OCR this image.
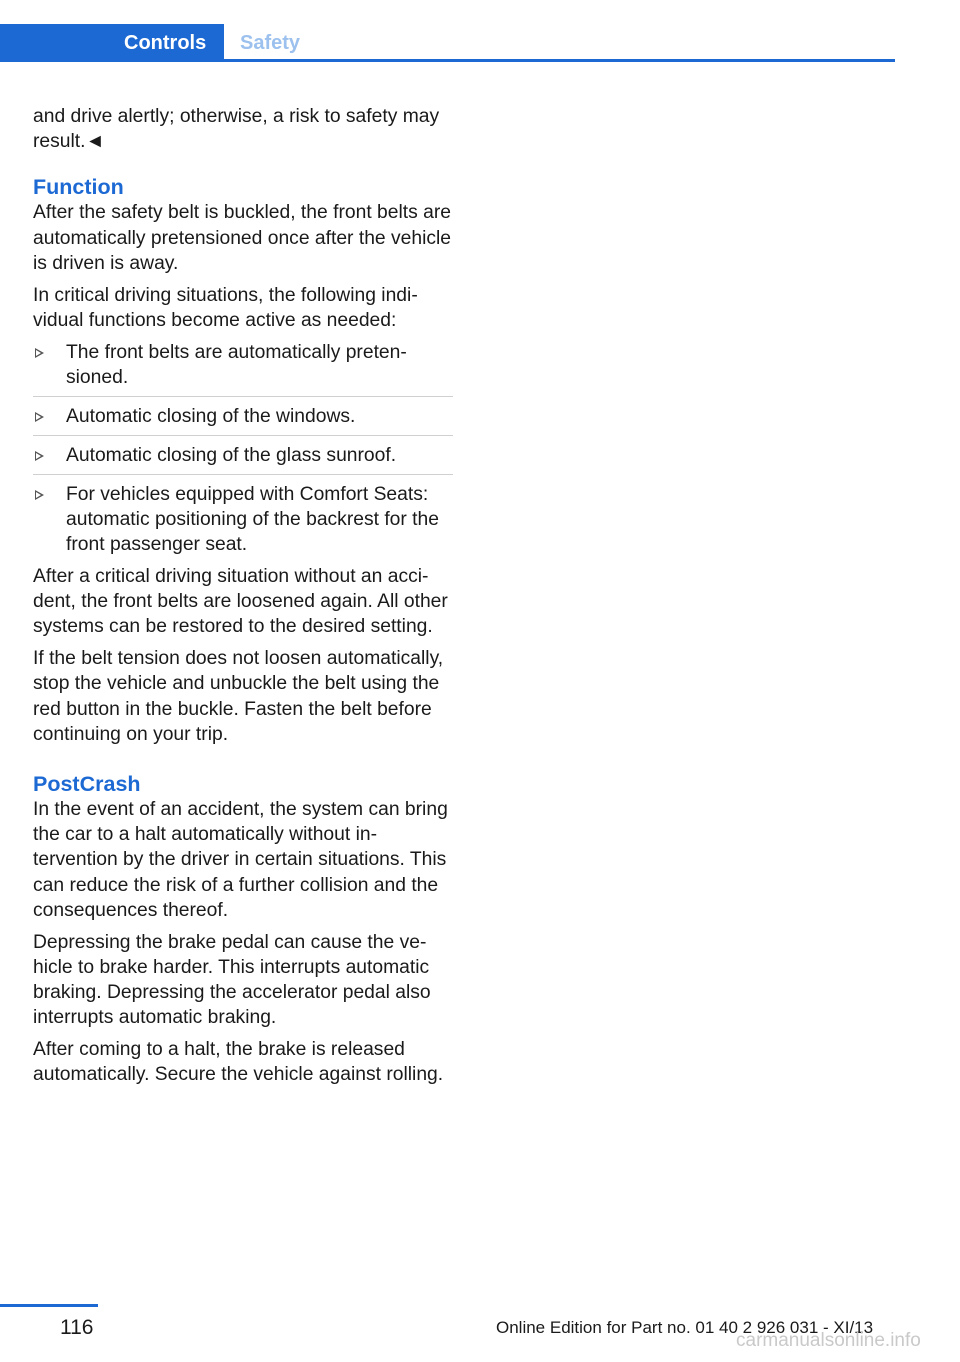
Controls	Safety

and drive alertly; otherwise, a risk to safety may result.◄

Function

After the safety belt is buckled, the front belts are automatically pretensioned once after the vehicle is driven is away.

In critical driving situations, the following individual functions become active as needed:

The front belts are automatically pretensioned.
Automatic closing of the windows.
Automatic closing of the glass sunroof.
For vehicles equipped with Comfort Seats: automatic positioning of the backrest for the front passenger seat.

After a critical driving situation without an accident, the front belts are loosened again. All other systems can be restored to the desired setting.

If the belt tension does not loosen automatically, stop the vehicle and unbuckle the belt using the red button in the buckle. Fasten the belt before continuing on your trip.

PostCrash

In the event of an accident, the system can bring the car to a halt automatically without intervention by the driver in certain situations. This can reduce the risk of a further collision and the consequences thereof.

Depressing the brake pedal can cause the vehicle to brake harder. This interrupts automatic braking. Depressing the accelerator pedal also interrupts automatic braking.

After coming to a halt, the brake is released automatically. Secure the vehicle against rolling.

116	Online Edition for Part no. 01 40 2 926 031 - XI/13
carmanualsonline.info
